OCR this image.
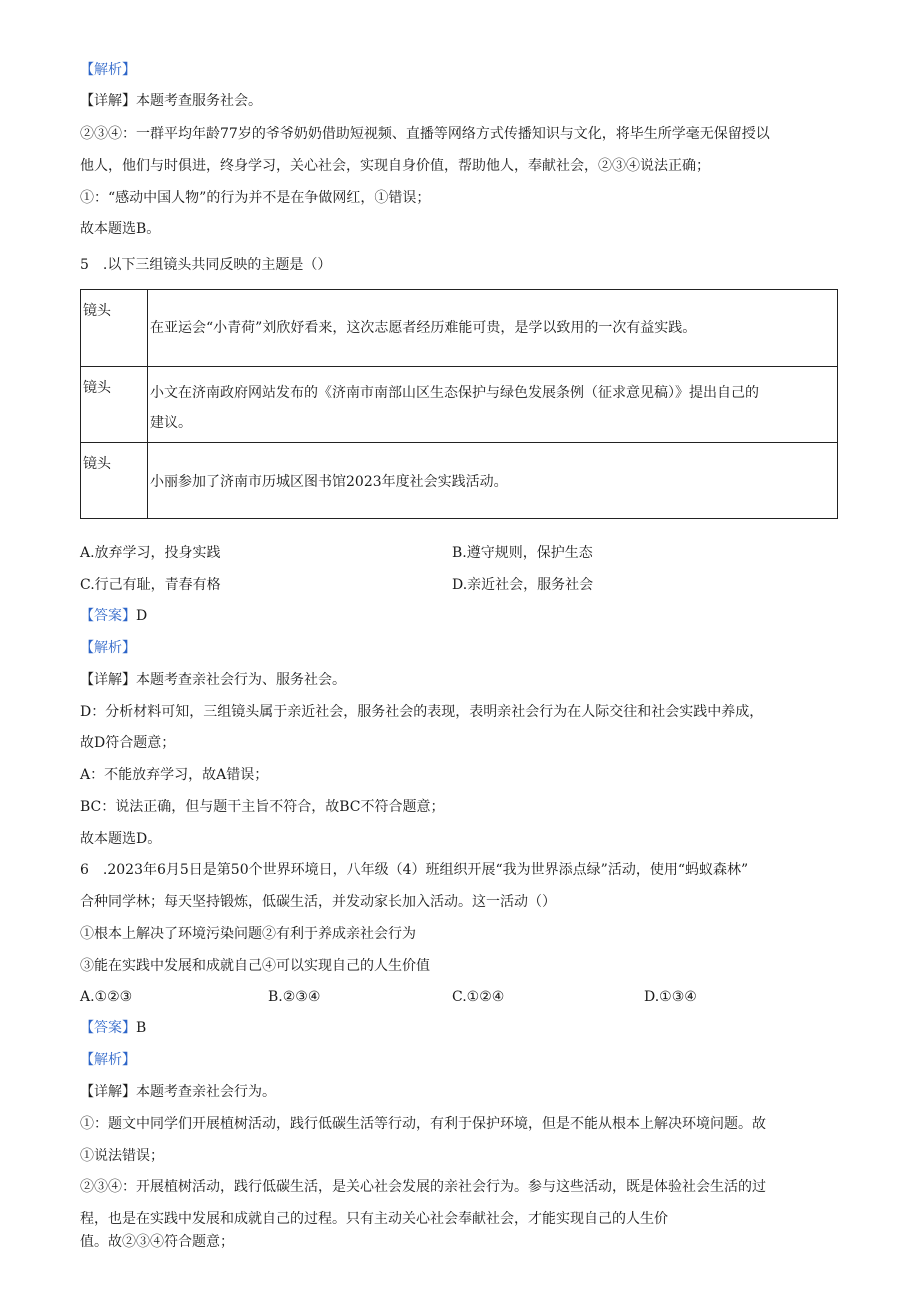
【解析】
【详解】本题考查服务社会。
②③④：一群平均年龄77岁的爷爷奶奶借助短视频、直播等网络方式传播知识与文化，将毕生所学毫无保留授以
他人，他们与时俱进，终身学习，关心社会，实现自身价值，帮助他人，奉献社会，②③④说法正确；
①：“感动中国人物”的行为并不是在争做网红，①错误；
故本题选B。
5　.以下三组镜头共同反映的主题是（）
镜头	在亚运会“小青荷”刘欣妤看来，这次志愿者经历难能可贵，是学以致用的一次有益实践。

镜头	小文在济南政府网站发布的《济南市南部山区生态保护与绿色发展条例（征求意见稿）》提出自己的
建议。

镜头	小丽参加了济南市历城区图书馆2023年度社会实践活动。
A.放弃学习，投身实践	B.遵守规则，保护生态
C.行己有耻，青春有格	D.亲近社会，服务社会
【答案】D
【解析】
【详解】本题考查亲社会行为、服务社会。
D：分析材料可知，三组镜头属于亲近社会，服务社会的表现，表明亲社会行为在人际交往和社会实践中养成，
故D符合题意；
A：不能放弃学习，故A错误；
BC：说法正确，但与题干主旨不符合，故BC不符合题意；
故本题选D。
6　.2023年6月5日是第50个世界环境日，八年级（4）班组织开展“我为世界添点绿”活动，使用“蚂蚁森林”
合种同学林；每天坚持锻炼，低碳生活，并发动家长加入活动。这一活动（）
①根本上解决了环境污染问题②有利于养成亲社会行为
③能在实践中发展和成就自己④可以实现自己的人生价值
A.①②③	B.②③④	C.①②④	D.①③④
【答案】B
【解析】
【详解】本题考查亲社会行为。
①：题文中同学们开展植树活动，践行低碳生活等行动，有利于保护环境，但是不能从根本上解决环境问题。故
①说法错误；
②③④：开展植树活动，践行低碳生活，是关心社会发展的亲社会行为。参与这些活动，既是体验社会生活的过
程，也是在实践中发展和成就自己的过程。只有主动关心社会奉献社会，才能实现自己的人生价
值。故②③④符合题意；
